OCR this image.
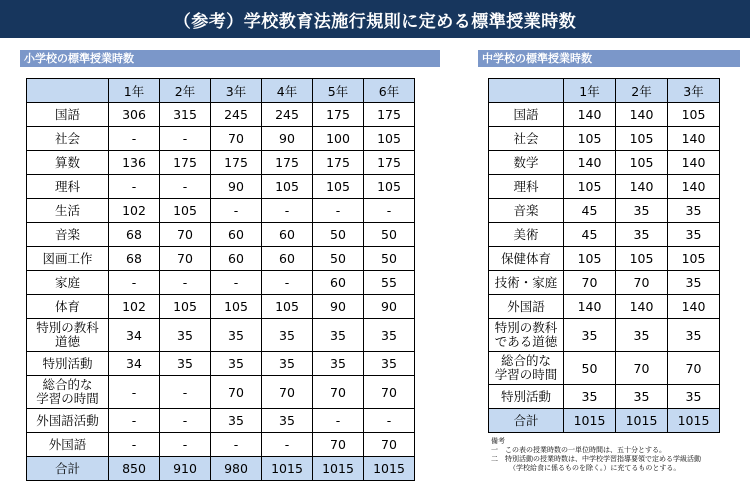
（参考）学校教育法施行規則に定める標準授業時数
小学校の標準授業時数
	1年	2年	3年	4年	5年	6年
国語	306	315	245	245	175	175
社会	-	-	70	90	100	105
算数	136	175	175	175	175	175
理科	-	-	90	105	105	105
生活	102	105	-	-	-	-
音楽	68	70	60	60	50	50
図画工作	68	70	60	60	50	50
家庭	-	-	-	-	60	55
体育	102	105	105	105	90	90
特別の教科
道徳	34	35	35	35	35	35
特別活動	34	35	35	35	35	35
総合的な
学習の時間	-	-	70	70	70	70
外国語活動	-	-	35	35	-	-
外国語	-	-	-	-	70	70
合計	850	910	980	1015	1015	1015
中学校の標準授業時数
	1年	2年	3年
国語	140	140	105
社会	105	105	140
数学	140	105	140
理科	105	140	140
音楽	45	35	35
美術	45	35	35
保健体育	105	105	105
技術・家庭	70	70	35
外国語	140	140	140
特別の教科
である道徳	35	35	35
総合的な
学習の時間	50	70	70
特別活動	35	35	35
合計	1015	1015	1015
備考
一　この表の授業時数の一単位時間は、五十分とする。
二　特別活動の授業時数は、中学校学習指導要領で定める学級活動
（学校給食に係るものを除く。）に充てるものとする。
